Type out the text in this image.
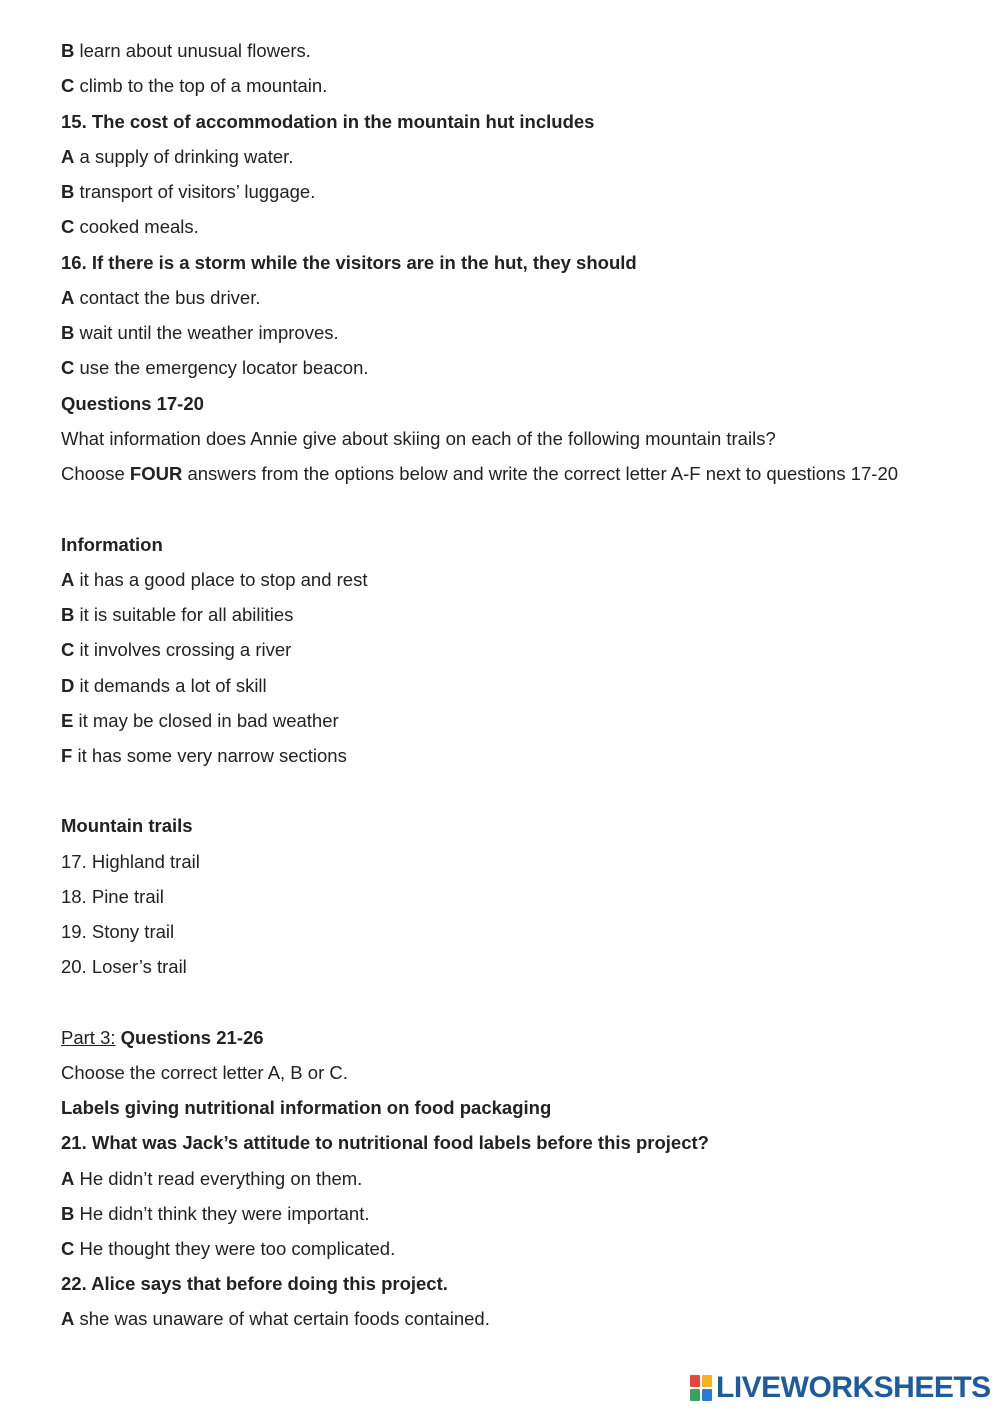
B learn about unusual flowers.
C climb to the top of a mountain.
15. The cost of accommodation in the mountain hut includes
A a supply of drinking water.
B transport of visitors’ luggage.
C cooked meals.
16. If there is a storm while the visitors are in the hut, they should
A contact the bus driver.
B wait until the weather improves.
C use the emergency locator beacon.
Questions 17-20
What information does Annie give about skiing on each of the following mountain trails?
Choose FOUR answers from the options below and write the correct letter A-F next to questions 17-20
Information
A it has a good place to stop and rest
B it is suitable for all abilities
C it involves crossing a river
D it demands a lot of skill
E it may be closed in bad weather
F it has some very narrow sections
Mountain trails
17. Highland trail
18. Pine trail
19. Stony trail
20. Loser’s trail
Part 3: Questions 21-26
Choose the correct letter A, B or C.
Labels giving nutritional information on food packaging
21. What was Jack’s attitude to nutritional food labels before this project?
A He didn’t read everything on them.
B He didn’t think they were important.
C He thought they were too complicated.
22. Alice says that before doing this project.
A she was unaware of what certain foods contained.
LIVEWORKSHEETS
